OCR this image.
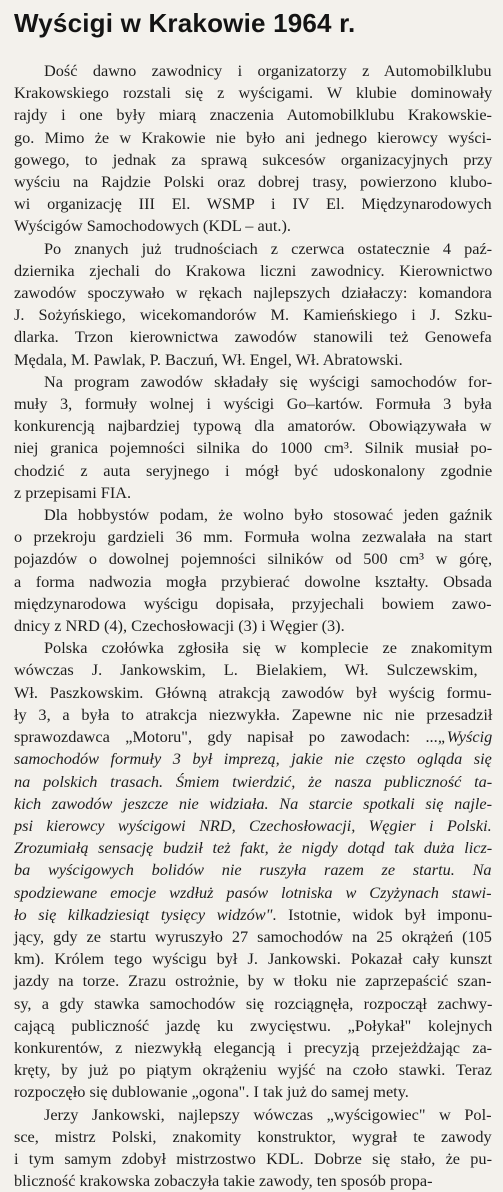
Wyścigi w Krakowie 1964 r.

Dość dawno zawodnicy i organizatorzy z Automobilklubu
Krakowskiego rozstali się z wyścigami. W klubie dominowały
rajdy i one były miarą znaczenia Automobilklubu Krakowskie-
go. Mimo że w Krakowie nie było ani jednego kierowcy wyści-
gowego, to jednak za sprawą sukcesów organizacyjnych przy
wyściu na Rajdzie Polski oraz dobrej trasy, powierzono klubo-
wi organizację III El. WSMP i IV El. Międzynarodowych
Wyścigów Samochodowych (KDL – aut.).

Po znanych już trudnościach z czerwca ostatecznie 4 paź-
dziernika zjechali do Krakowa liczni zawodnicy. Kierownictwo
zawodów spoczywało w rękach najlepszych działaczy: komandora
J. Sożyńskiego, wicekomandorów M. Kamieńskiego i J. Szku-
dlarka. Trzon kierownictwa zawodów stanowili też Genowefa
Mędala, M. Pawlak, P. Baczuń, Wł. Engel, Wł. Abratowski.

Na program zawodów składały się wyścigi samochodów for-
muły 3, formuły wolnej i wyścigi Go–kartów. Formuła 3 była
konkurencją najbardziej typową dla amatorów. Obowiązywała w
niej granica pojemności silnika do 1000 cm³. Silnik musiał po-
chodzić z auta seryjnego i mógł być udoskonalony zgodnie
z przepisami FIA.

Dla hobbystów podam, że wolno było stosować jeden gaźnik
o przekroju gardzieli 36 mm. Formuła wolna zezwalała na start
pojazdów o dowolnej pojemności silników od 500 cm³ w górę,
a forma nadwozia mogła przybierać dowolne kształty. Obsada
międzynarodowa wyścigu dopisała, przyjechali bowiem zawo-
dnicy z NRD (4), Czechosłowacji (3) i Węgier (3).

Polska czołówka zgłosiła się w komplecie ze znakomitym
wówczas J. Jankowskim, L. Bielakiem, Wł. Sulczewskim,
Wł. Paszkowskim. Główną atrakcją zawodów był wyścig formu-
ły 3, a była to atrakcja niezwykła. Zapewne nic nie przesadził
sprawozdawca „Motoru", gdy napisał po zawodach: ...„Wyścig
samochodów formuły 3 był imprezą, jakie nie często ogląda się
na polskich trasach. Śmiem twierdzić, że nasza publiczność ta-
kich zawodów jeszcze nie widziała. Na starcie spotkali się najle-
psi kierowcy wyścigowi NRD, Czechosłowacji, Węgier i Polski.
Zrozumiałą sensację budził też fakt, że nigdy dotąd tak duża licz-
ba wyścigowych bolidów nie ruszyła razem ze startu. Na
spodziewane emocje wzdłuż pasów lotniska w Czyżynach stawi-
ło się kilkadziesiąt tysięcy widzów". Istotnie, widok był imponu-
jący, gdy ze startu wyruszyło 27 samochodów na 25 okrążeń (105
km). Królem tego wyścigu był J. Jankowski. Pokazał cały kunszt
jazdy na torze. Zrazu ostrożnie, by w tłoku nie zaprzepaścić szan-
sy, a gdy stawka samochodów się rozciągnęła, rozpoczął zachwy-
cającą publiczność jazdę ku zwycięstwu. „Połykał" kolejnych
konkurentów, z niezwykłą elegancją i precyzją przejeżdżając za-
kręty, by już po piątym okrążeniu wyjść na czoło stawki. Teraz
rozpoczęło się dublowanie „ogona". I tak już do samej mety.

Jerzy Jankowski, najlepszy wówczas „wyścigowiec" w Pol-
sce, mistrz Polski, znakomity konstruktor, wygrał te zawody
i tym samym zdobył mistrzostwo KDL. Dobrze się stało, że pu-
bliczność krakowska zobaczyła takie zawody, ten sposób propa-
